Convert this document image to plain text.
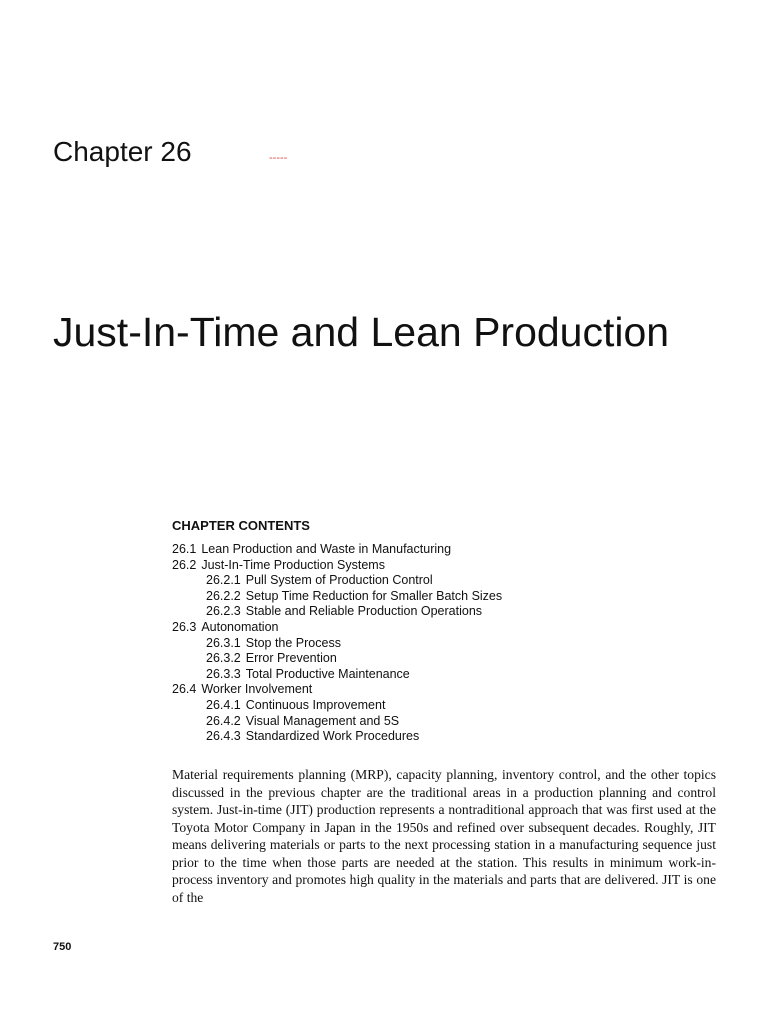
Chapter 26	-----
Just-In-Time and Lean Production
CHAPTER CONTENTS
26.1 Lean Production and Waste in Manufacturing
26.2 Just-In-Time Production Systems
26.2.1 Pull System of Production Control
26.2.2 Setup Time Reduction for Smaller Batch Sizes
26.2.3 Stable and Reliable Production Operations
26.3 Autonomation
26.3.1 Stop the Process
26.3.2 Error Prevention
26.3.3 Total Productive Maintenance
26.4 Worker Involvement
26.4.1 Continuous Improvement
26.4.2 Visual Management and 5S
26.4.3 Standardized Work Procedures

Material requirements planning (MRP), capacity planning, inventory control, and the other topics discussed in the previous chapter are the traditional areas in a production planning and control system. Just-in-time (JIT) production represents a nontraditional approach that was first used at the Toyota Motor Company in Japan in the 1950s and refined over subsequent decades. Roughly, JIT means delivering materials or parts to the next processing station in a manufacturing sequence just prior to the time when those parts are needed at the station. This results in minimum work-in-process inventory and promotes high quality in the materials and parts that are delivered. JIT is one of the

750
